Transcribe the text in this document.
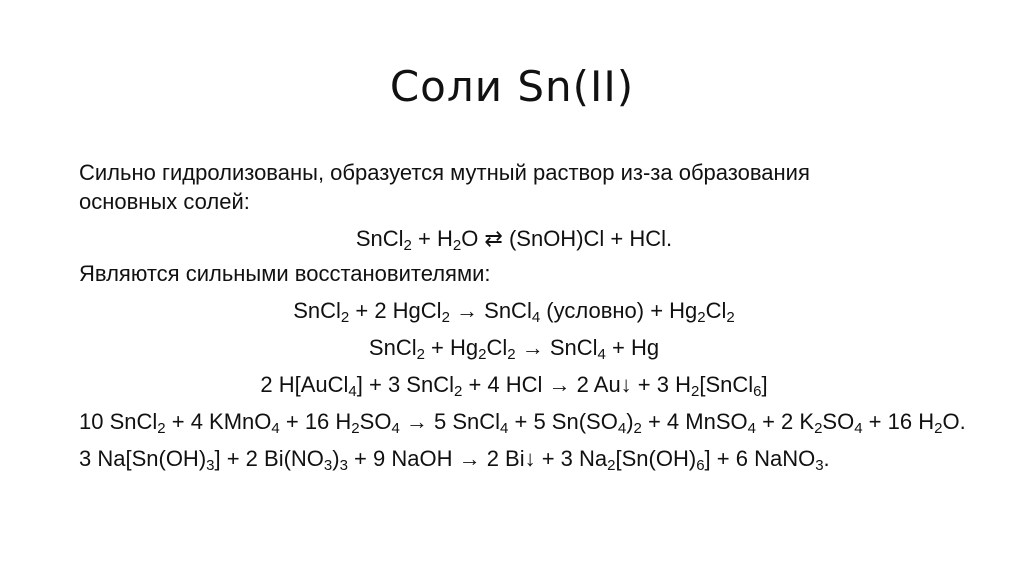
Соли Sn(II)
Сильно гидролизованы, образуется мутный раствор из-за образования
основных солей:
SnCl$_2$ + $H_2O$ ⇄ (SnOH)Cl + HCl.
Являются сильными восстановителями:
SnCl$_2$ + 2 HgCl$_2$ → SnCl$_4$ (условно) + $Hg_2Cl_2$
SnCl$_2$ + $Hg_2Cl_2$ → SnCl$_4$ + Hg
2 H[AuCl$_4$] + 3 SnCl$_2$ + 4 HCl → 2 Au↓ + 3 $H_2[SnCl_6]$
10 SnCl$_2$ + 4 KMnO$_4$ + 16 $H_2SO_4 \to 5$ SnCl$_4$ + 5 $Sn(SO_4)_2 + 4$ MnSO$_4$ + 2 $K_2SO_4 + 16$ $H_2O$.
3 $Na[Sn(OH)_3] + 2$ $Bi(NO_3)_3 + 9$ NaOH → 2 Bi↓ + 3 $Na_2[Sn(OH)_6] + 6$ NaNO$_3$.
